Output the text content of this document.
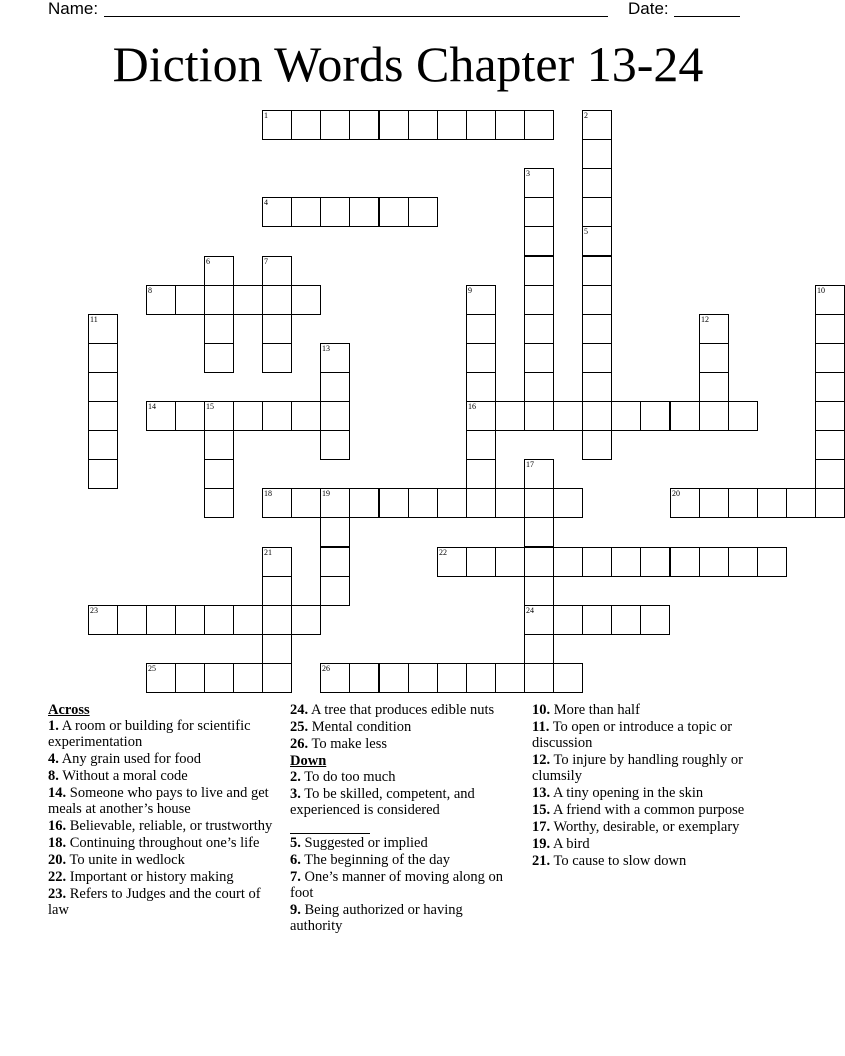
Name:	Date:
Diction Words Chapter 13-24
1	2
3
4
5
6	7
8	9	10
11	12
13
14	15	16
17
18	19	20
21	22
23	24
25	26
Across
1. A room or building for scientific experimentation
4. Any grain used for food
8. Without a moral code
14. Someone who pays to live and get meals at another’s house
16. Believable, reliable, or trustworthy
18. Continuing throughout one’s life
20. To unite in wedlock
22. Important or history making
23. Refers to Judges and the court of law
24. A tree that produces edible nuts
25. Mental condition
26. To make less
Down
2. To do too much
3. To be skilled, competent, and experienced is considered
5. Suggested or implied
6. The beginning of the day
7. One’s manner of moving along on foot
9. Being authorized or having authority
10. More than half
11. To open or introduce a topic or discussion
12. To injure by handling roughly or clumsily
13. A tiny opening in the skin
15. A friend with a common purpose
17. Worthy, desirable, or exemplary
19. A bird
21. To cause to slow down
